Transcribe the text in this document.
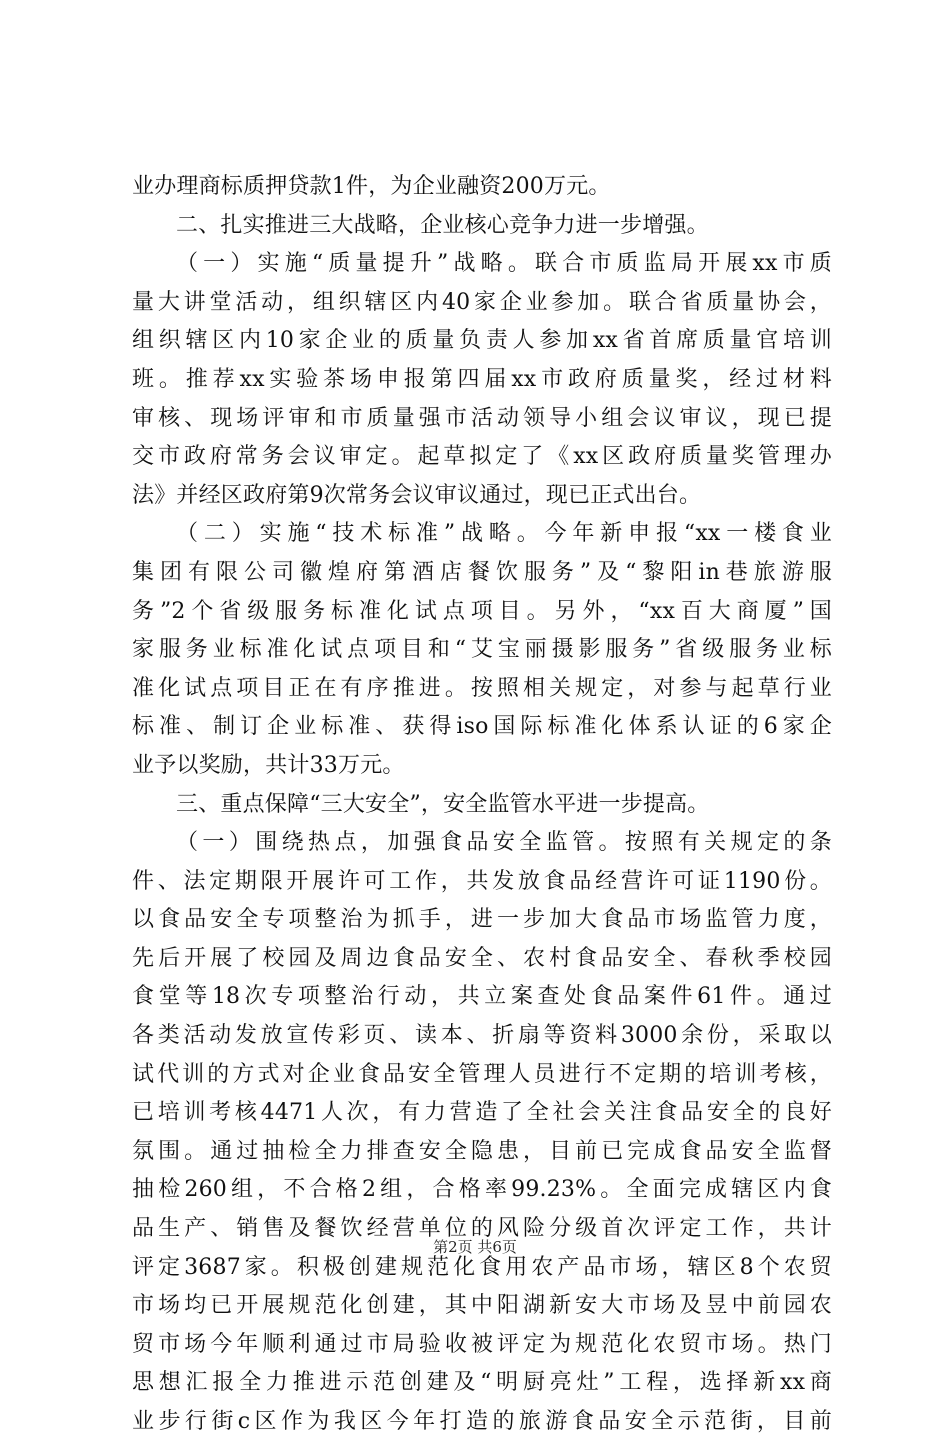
业办理商标质押贷款1件，为企业融资200万元。
二、扎实推进三大战略，企业核心竞争力进一步增强。
（一）实施“质量提升”战略。联合市质监局开展xx市质
量大讲堂活动，组织辖区内40家企业参加。联合省质量协会，
组织辖区内10家企业的质量负责人参加xx省首席质量官培训
班。推荐xx实验茶场申报第四届xx市政府质量奖，经过材料
审核、现场评审和市质量强市活动领导小组会议审议，现已提
交市政府常务会议审定。起草拟定了《xx区政府质量奖管理办
法》并经区政府第9次常务会议审议通过，现已正式出台。
（二）实施“技术标准”战略。今年新申报“xx一楼食业
集团有限公司徽煌府第酒店餐饮服务”及“黎阳in巷旅游服
务”2个省级服务标准化试点项目。另外，“xx百大商厦”国
家服务业标准化试点项目和“艾宝丽摄影服务”省级服务业标
准化试点项目正在有序推进。按照相关规定，对参与起草行业
标准、制订企业标准、获得iso国际标准化体系认证的6家企
业予以奖励，共计33万元。
三、重点保障“三大安全”，安全监管水平进一步提高。
（一）围绕热点，加强食品安全监管。按照有关规定的条
件、法定期限开展许可工作，共发放食品经营许可证1190份。
以食品安全专项整治为抓手，进一步加大食品市场监管力度，
先后开展了校园及周边食品安全、农村食品安全、春秋季校园
食堂等18次专项整治行动，共立案查处食品案件61件。通过
各类活动发放宣传彩页、读本、折扇等资料3000余份，采取以
试代训的方式对企业食品安全管理人员进行不定期的培训考核，
已培训考核4471人次，有力营造了全社会关注食品安全的良好
氛围。通过抽检全力排查安全隐患，目前已完成食品安全监督
抽检260组，不合格2组，合格率99.23%。全面完成辖区内食
品生产、销售及餐饮经营单位的风险分级首次评定工作，共计
评定3687家。积极创建规范化食用农产品市场，辖区8个农贸
市场均已开展规范化创建，其中阳湖新安大市场及昱中前园农
贸市场今年顺利通过市局验收被评定为规范化农贸市场。热门
思想汇报全力推进示范创建及“明厨亮灶”工程，选择新xx商
业步行街c区作为我区今年打造的旅游食品安全示范街，目前
第2页 共6页
